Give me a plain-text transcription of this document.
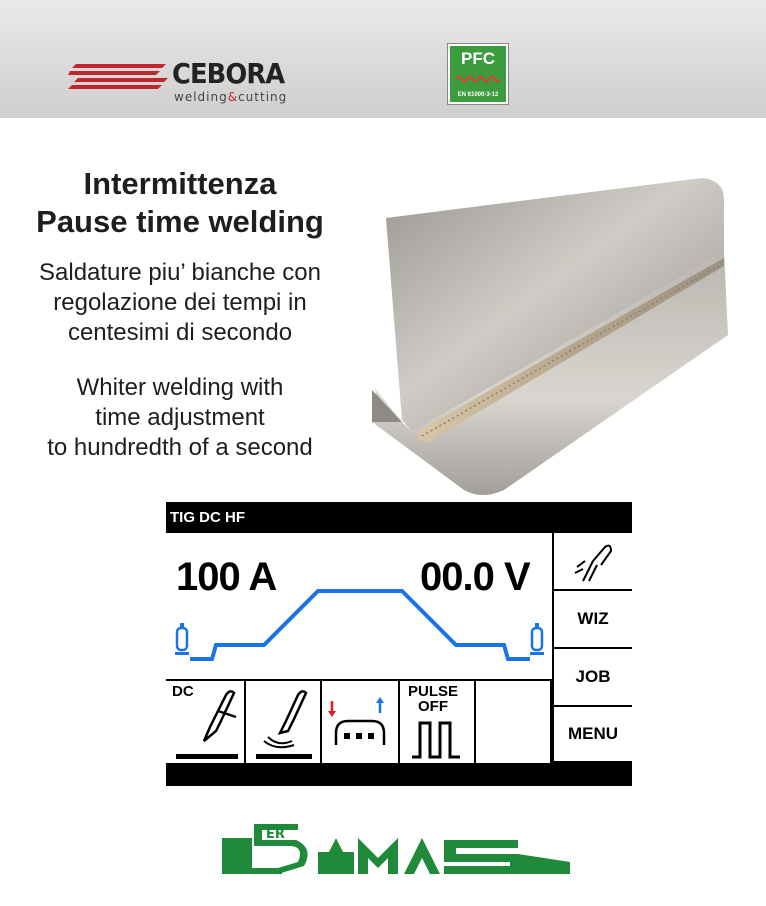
CEBORA
welding&cutting
PFC
EN 61000-3-12
Intermittenza
Pause time welding
Saldature piu’ bianche con
regolazione dei tempi in
centesimi di secondo
Whiter welding with
time adjustment
to hundredth of a second
TIG DC HF
100 A	00.0 V
WIZ
JOB
MENU
DC	PULSE
OFF
ER
